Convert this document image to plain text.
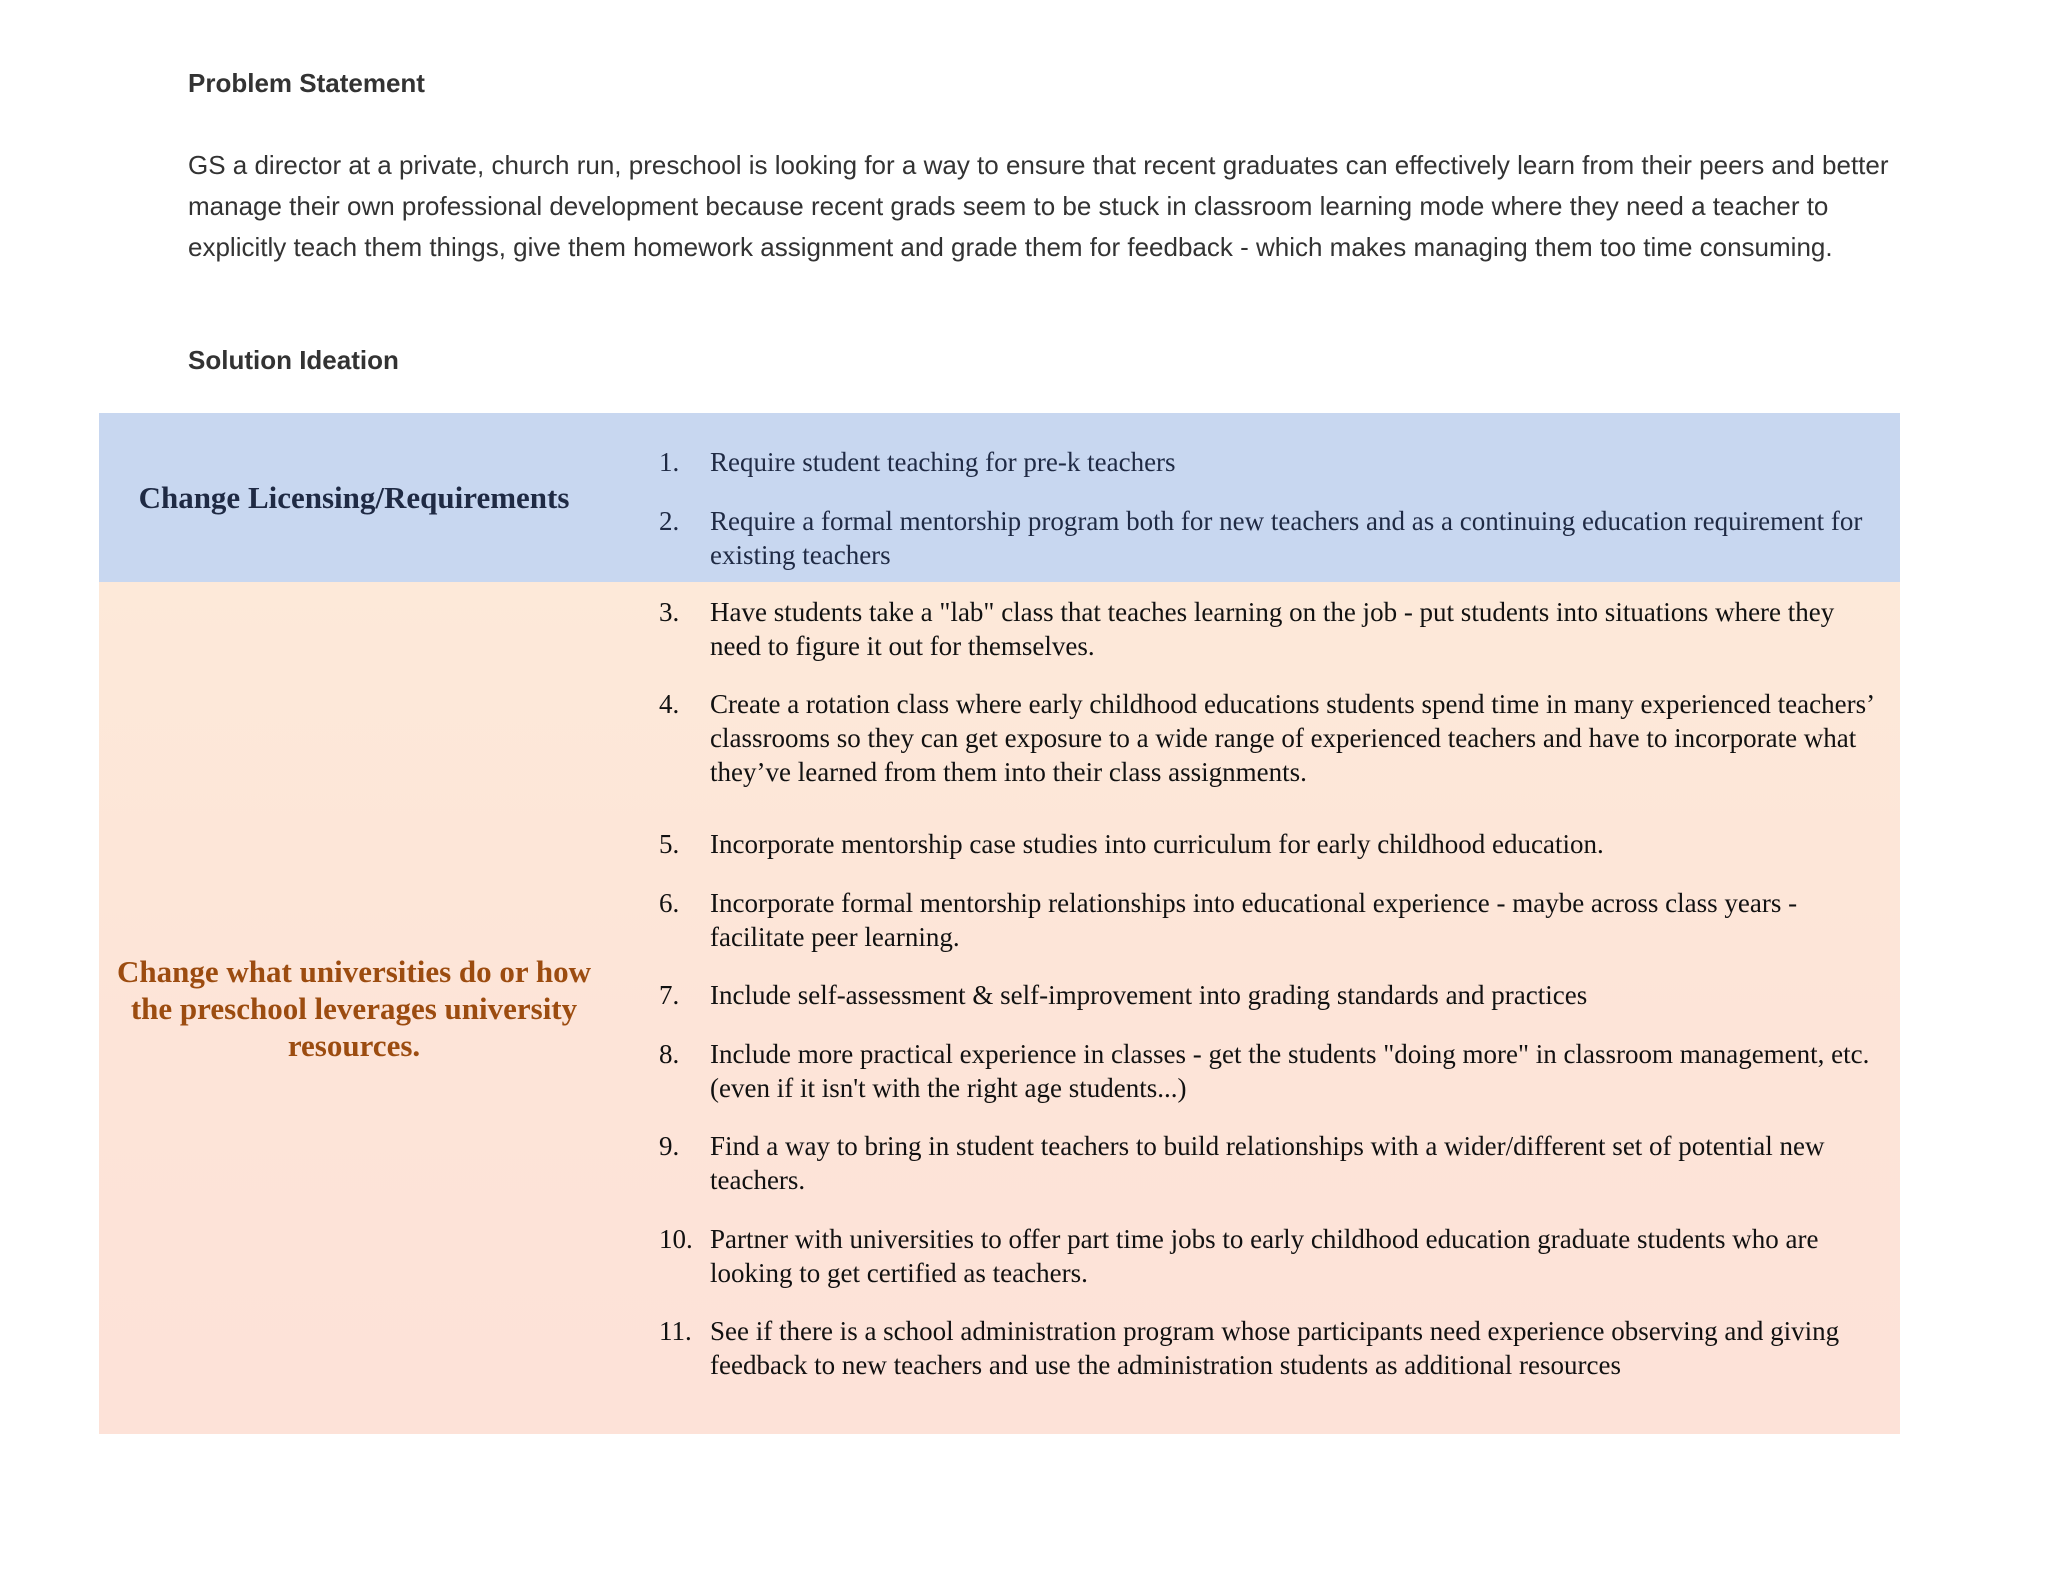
Problem Statement

GS a director at a private, church run, preschool is looking for a way to ensure that recent graduates can effectively learn from their peers and better manage their own professional development because recent grads seem to be stuck in classroom learning mode where they need a teacher to explicitly teach them things, give them homework assignment and grade them for feedback - which makes managing them too time consuming.

Solution Ideation
Change Licensing/Requirements
1.	Require student teaching for pre-k teachers
2.	Require a formal mentorship program both for new teachers and as a continuing education requirement for existing teachers
Change what universities do or how the preschool leverages university resources.
3.	Have students take a "lab" class that teaches learning on the job - put students into situations where they need to figure it out for themselves.
4.	Create a rotation class where early childhood educations students spend time in many experienced teachers’ classrooms so they can get exposure to a wide range of experienced teachers and have to incorporate what they’ve learned from them into their class assignments.
5.	Incorporate mentorship case studies into curriculum for early childhood education.
6.	Incorporate formal mentorship relationships into educational experience - maybe across class years - facilitate peer learning.
7.	Include self-assessment & self-improvement into grading standards and practices
8.	Include more practical experience in classes - get the students "doing more" in classroom management, etc. (even if it isn't with the right age students...)
9.	Find a way to bring in student teachers to build relationships with a wider/different set of potential new teachers.
10. Partner with universities to offer part time jobs to early childhood education graduate students who are looking to get certified as teachers.
11. See if there is a school administration program whose participants need experience observing and giving feedback to new teachers and use the administration students as additional resources
